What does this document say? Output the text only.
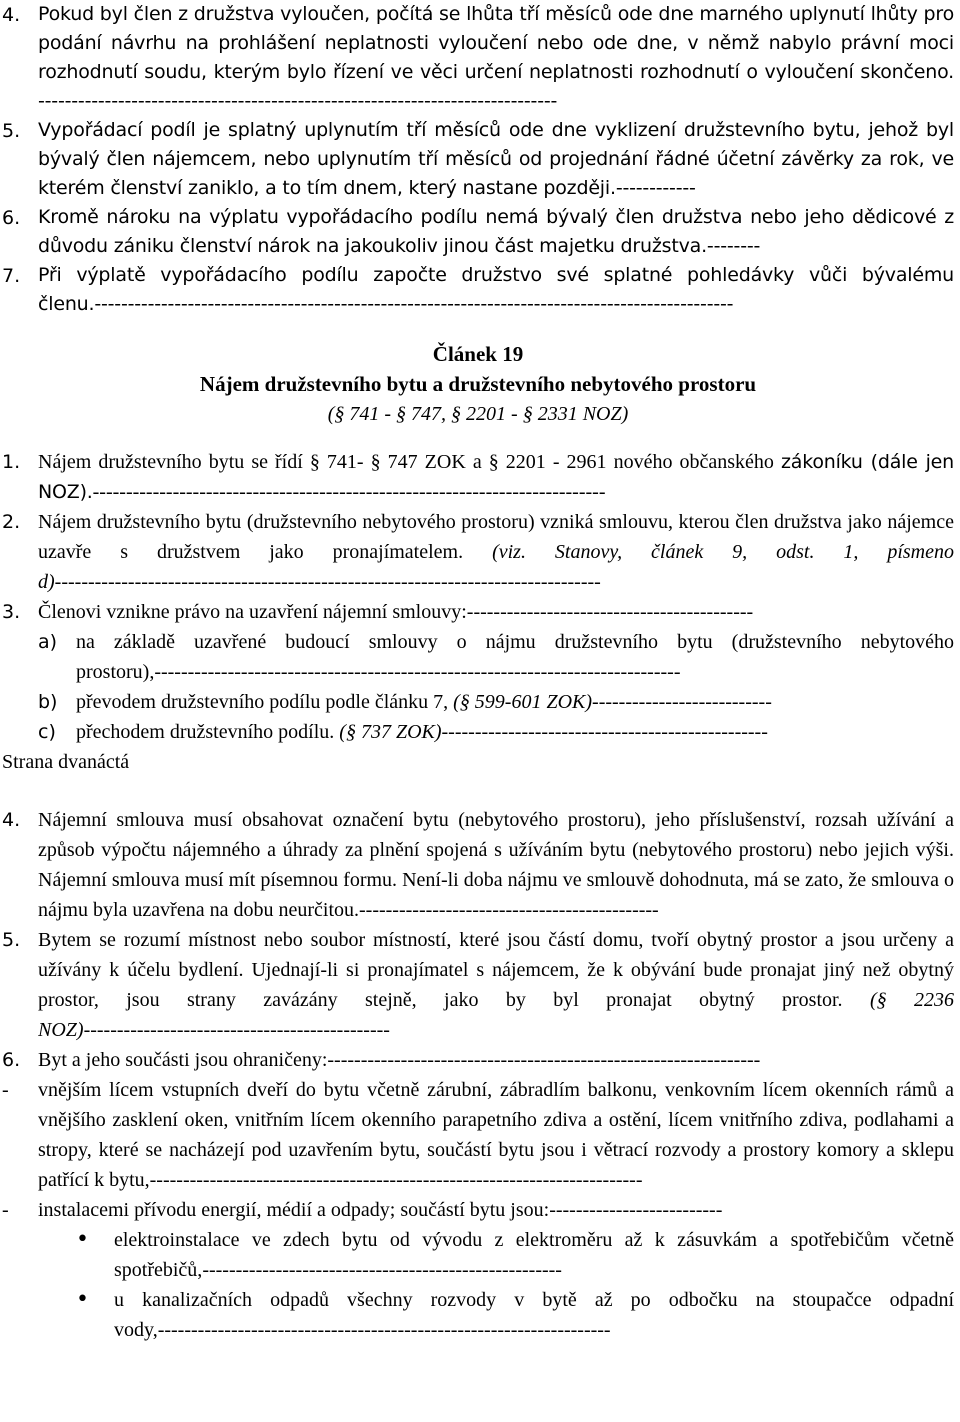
4. Pokud byl člen z družstva vyloučen, počítá se lhůta tří měsíců ode dne marného uplynutí lhůty pro podání návrhu na prohlášení neplatnosti vyloučení nebo ode dne, v němž nabylo právní moci rozhodnutí soudu, kterým bylo řízení ve věci určení neplatnosti rozhodnutí o vyloučení skončeno. ------------------------------------------------------------------------------
5. Vypořádací podíl je splatný uplynutím tří měsíců ode dne vyklizení družstevního bytu, jehož byl bývalý člen nájemcem, nebo uplynutím tří měsíců od projednání řádné účetní závěrky za rok, ve kterém členství zaniklo, a to tím dnem, který nastane později.------------
6. Kromě nároku na výplatu vypořádacího podílu nemá bývalý člen družstva nebo jeho dědicové z důvodu zániku členství nárok na jakoukoliv jinou část majetku družstva.--------
7. Při výplatě vypořádacího podílu započte družstvo své splatné pohledávky vůči bývalému členu.------------------------------------------------------------------------------------------------
Článek 19
Nájem družstevního bytu a družstevního nebytového prostoru
(§ 741 - § 747, § 2201 - § 2331 NOZ)
1. Nájem družstevního bytu se řídí § 741- § 747 ZOK a § 2201 - 2961 nového občanského zákoníku (dále jen NOZ).-----------------------------------------------------------------------------
2. Nájem družstevního bytu (družstevního nebytového prostoru) vzniká smlouvu, kterou člen družstva jako nájemce uzavře s družstvem jako pronajímatelem. (viz. Stanovy, článek 9, odst. 1, písmeno d)----------------------------------------------------------------------------------
3. Členovi vznikne právo na uzavření nájemní smlouvy:-------------------------------------------
a) na základě uzavřené budoucí smlouvy o nájmu družstevního bytu (družstevního nebytového prostoru),-------------------------------------------------------------------------------
b) převodem družstevního podílu podle článku 7, (§ 599-601 ZOK)---------------------------
c)	přechodem družstevního podílu. (§ 737 ZOK)-------------------------------------------------
Strana dvanáctá
4. Nájemní smlouva musí obsahovat označení bytu (nebytového prostoru), jeho příslušenství, rozsah užívání a způsob výpočtu nájemného a úhrady za plnění spojená s užíváním bytu (nebytového prostoru) nebo jejich výši. Nájemní smlouva musí mít písemnou formu. Není-li doba nájmu ve smlouvě dohodnuta, má se zato, že smlouva o nájmu byla uzavřena na dobu neurčitou.---------------------------------------------
5. Bytem se rozumí místnost nebo soubor místností, které jsou částí domu, tvoří obytný prostor a jsou určeny a užívány k účelu bydlení. Ujednají-li si pronajímatel s nájemcem, že k obývání bude pronajat jiný než obytný prostor, jsou strany zavázány stejně, jako by byl pronajat obytný prostor. (§ 2236 NOZ)----------------------------------------------
6. Byt a jeho součásti jsou ohraničeny:-----------------------------------------------------------------
-	vnějším lícem vstupních dveří do bytu včetně zárubní, zábradlím balkonu, venkovním lícem okenních rámů a vnějšího zasklení oken, vnitřním lícem okenního parapetního zdiva a ostění, lícem vnitřního zdiva, podlahami a stropy, které se nacházejí pod uzavřením bytu, součástí bytu jsou i větrací rozvody a prostory komory a sklepu patřící k bytu,--------------------------------------------------------------------------
-	instalacemi přívodu energií, médií a odpady; součástí bytu jsou:--------------------------
•	elektroinstalace ve zdech bytu od vývodu z elektroměru až k zásuvkám a spotřebičům včetně spotřebičů,------------------------------------------------------
•	u kanalizačních odpadů všechny rozvody v bytě až po odbočku na stoupačce odpadní vody,--------------------------------------------------------------------
